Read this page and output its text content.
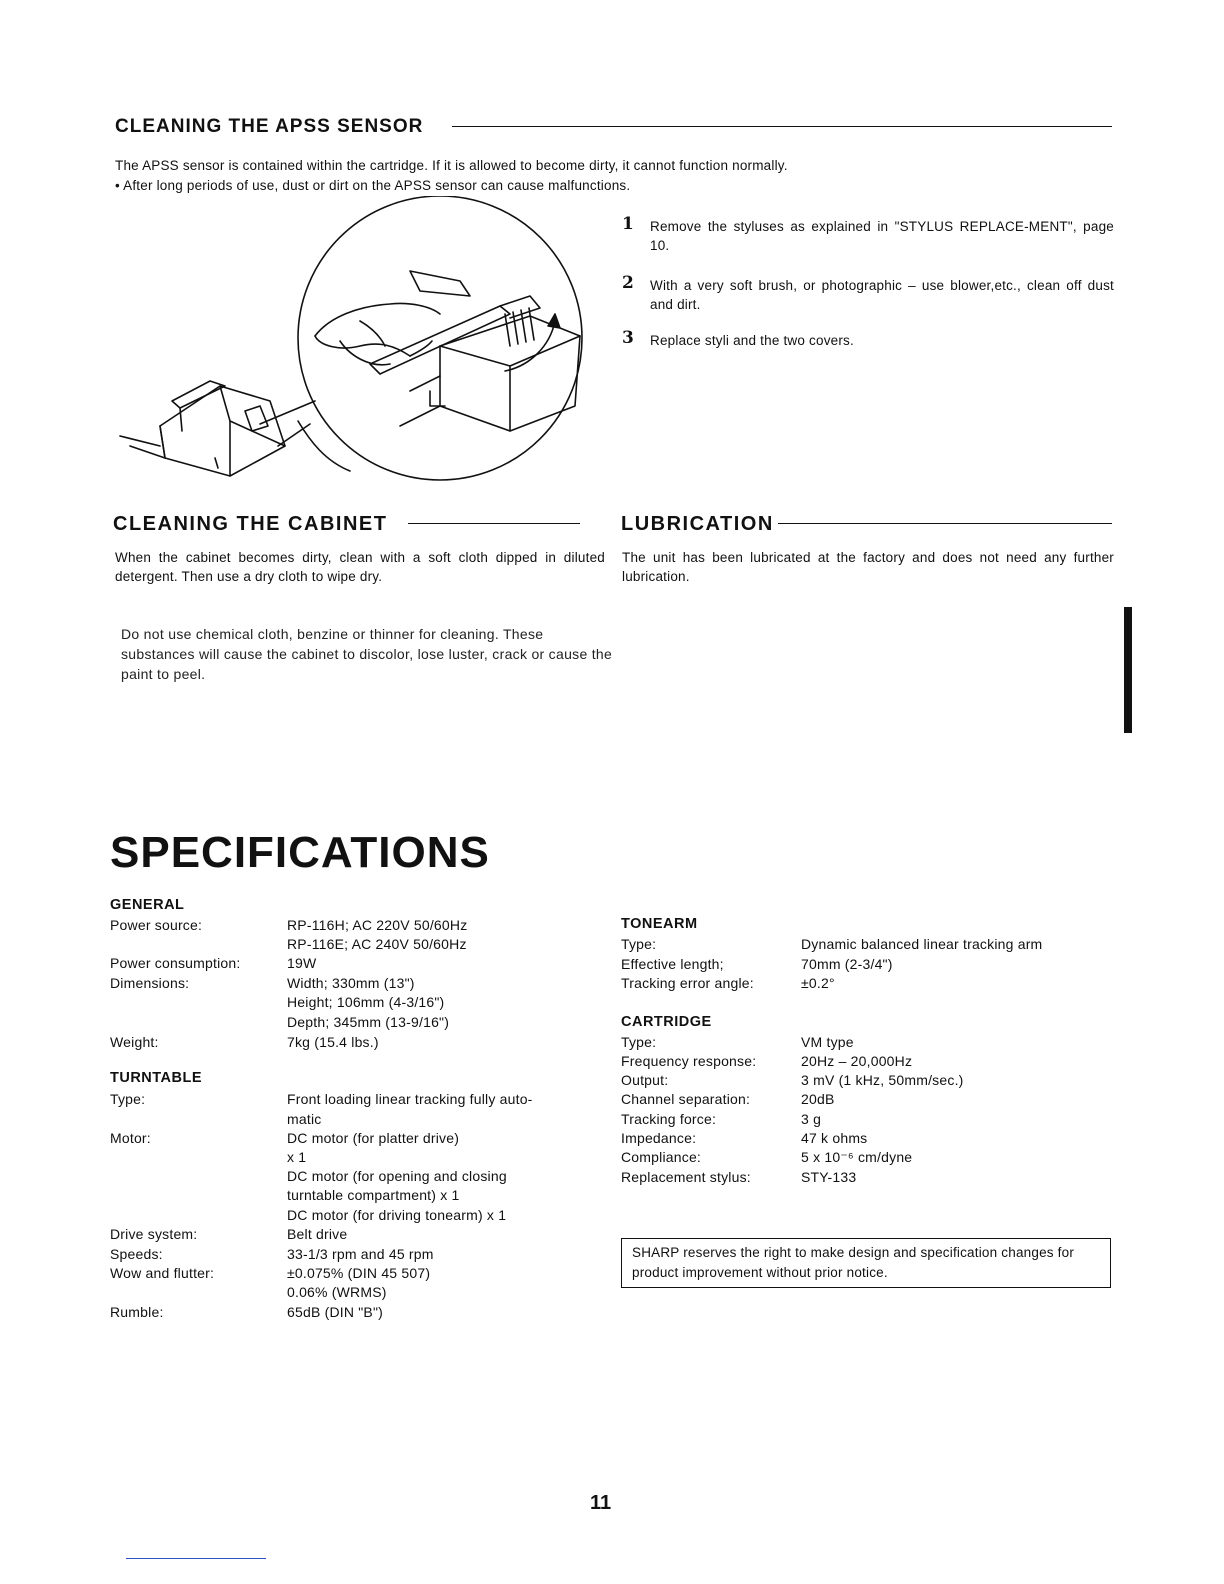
CLEANING THE APSS SENSOR
The APSS sensor is contained within the cartridge. If it is allowed to become dirty, it cannot function normally.
• After long periods of use, dust or dirt on the APSS sensor can cause malfunctions.
1 Remove the styluses as explained in "STYLUS REPLACE-MENT", page 10.
2 With a very soft brush, or photographic – use blower,etc., clean off dust and dirt.
3 Replace styli and the two covers.
CLEANING THE CABINET
When the cabinet becomes dirty, clean with a soft cloth dipped in diluted detergent. Then use a dry cloth to wipe dry.
Do not use chemical cloth, benzine or thinner for cleaning. These substances will cause the cabinet to discolor, lose luster, crack or cause the paint to peel.
LUBRICATION
The unit has been lubricated at the factory and does not need any further lubrication.
SPECIFICATIONS
GENERAL
Power source:	RP-116H; AC 220V 50/60Hz
RP-116E; AC 240V 50/60Hz
Power consumption:	19W
Dimensions:	Width; 330mm (13")
Height; 106mm (4-3/16")
Depth; 345mm (13-9/16")
Weight:	7kg (15.4 lbs.)
TURNTABLE
Type:	Front loading linear tracking fully auto-
matic
Motor:	DC motor (for platter drive)
x 1
DC motor (for opening and closing
turntable compartment) x 1
DC motor (for driving tonearm) x 1
Drive system:	Belt drive
Speeds:	33-1/3 rpm and 45 rpm
Wow and flutter:	±0.075% (DIN 45 507)
0.06% (WRMS)
Rumble:	65dB (DIN "B")
TONEARM
Type:	Dynamic balanced linear tracking arm
Effective length;	70mm (2-3/4")
Tracking error angle:	±0.2°
CARTRIDGE
Type:	VM type
Frequency response:	20Hz – 20,000Hz
Output:	3 mV (1 kHz, 50mm/sec.)
Channel separation:	20dB
Tracking force:	3 g
Impedance:	47 k ohms
Compliance:	5 x 10⁻⁶ cm/dyne
Replacement stylus:	STY-133
SHARP reserves the right to make design and specification changes for product improvement without prior notice.
11
